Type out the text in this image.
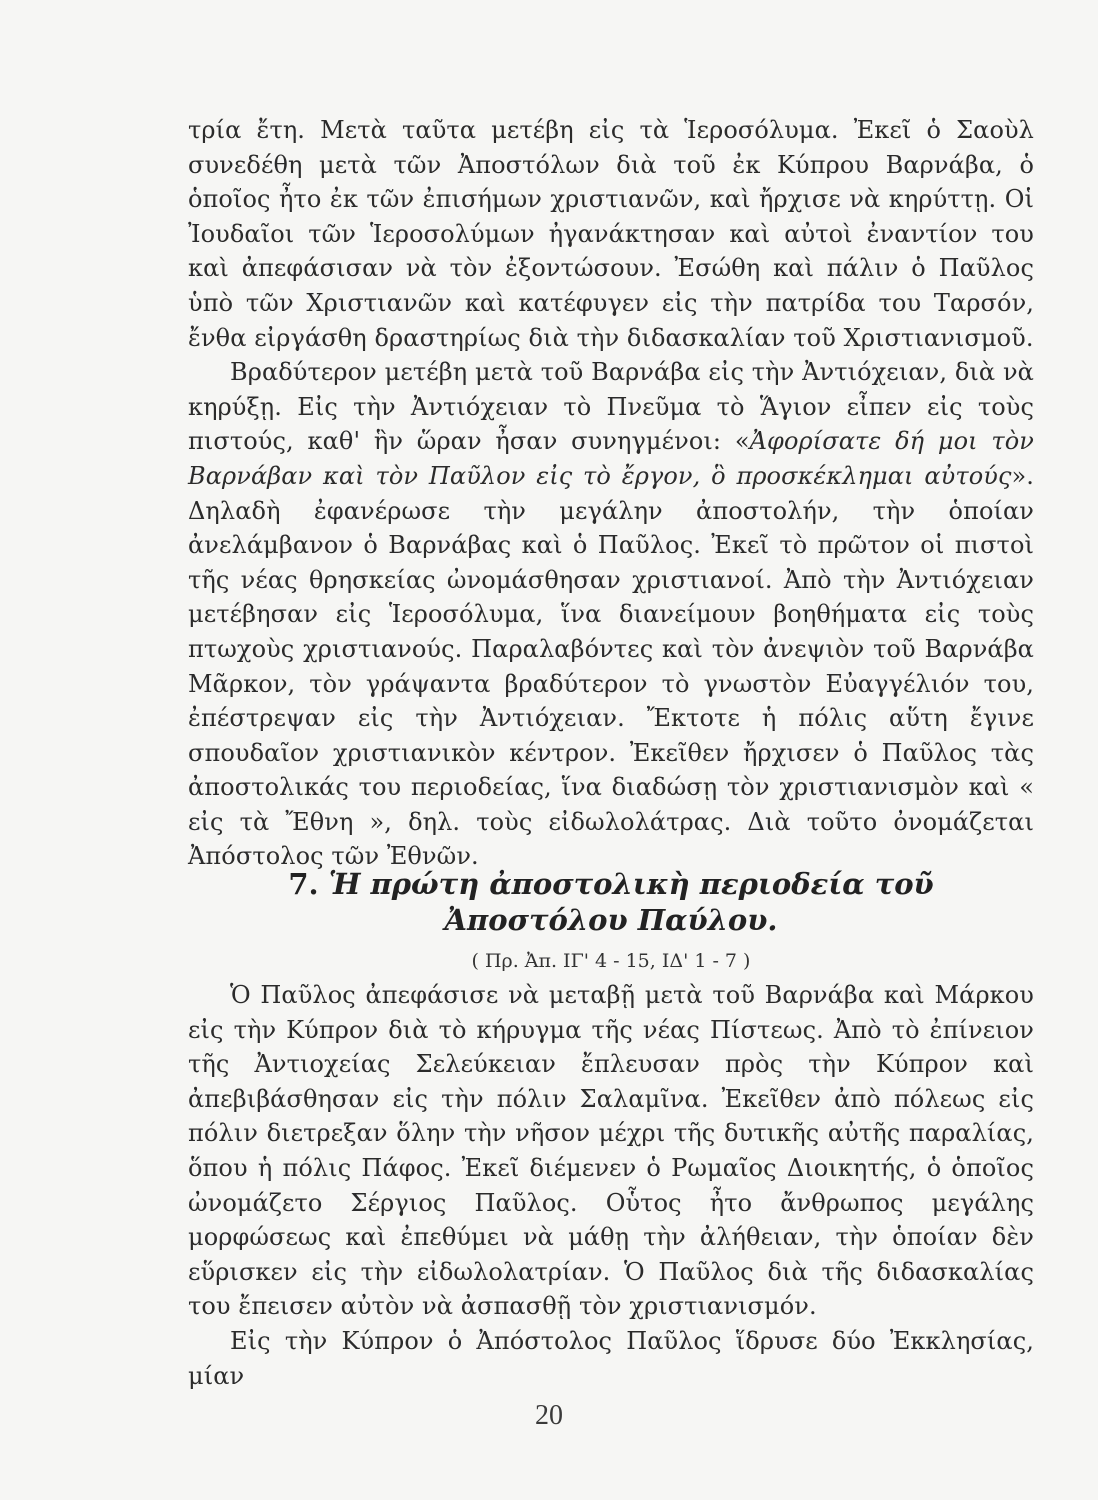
τρία ἔτη. Μετὰ ταῦτα μετέβη εἰς τὰ Ἱεροσόλυμα. Ἐκεῖ ὁ Σαοὺλ συνεδέθη μετὰ τῶν Ἀποστόλων διὰ τοῦ ἐκ Κύπρου Βαρνάβα, ὁ ὁποῖος ἦτο ἐκ τῶν ἐπισήμων χριστιανῶν, καὶ ἤρχισε νὰ κηρύττῃ. Οἱ Ἰουδαῖοι τῶν Ἱεροσολύμων ἠγανάκτησαν καὶ αὐτοὶ ἐναντίον του καὶ ἀπεφάσισαν νὰ τὸν ἐξοντώσουν. Ἐσώθη καὶ πάλιν ὁ Παῦλος ὑπὸ τῶν Χριστιανῶν καὶ κατέφυγεν εἰς τὴν πατρίδα του Ταρσόν, ἔνθα εἰργάσθη δραστηρίως διὰ τὴν διδασκαλίαν τοῦ Χριστιανισμοῦ.

Βραδύτερον μετέβη μετὰ τοῦ Βαρνάβα εἰς τὴν Ἀντιόχειαν, διὰ νὰ κηρύξῃ. Εἰς τὴν Ἀντιόχειαν τὸ Πνεῦμα τὸ Ἅγιον εἶπεν εἰς τοὺς πιστούς, καθ' ἣν ὥραν ἦσαν συνηγμένοι: «Ἀφορίσατε δή μοι τὸν Βαρνάβαν καὶ τὸν Παῦλον εἰς τὸ ἔργον, ὃ προσκέκλημαι αὐτούς». Δηλαδὴ ἐφανέρωσε τὴν μεγάλην ἀποστολήν, τὴν ὁποίαν ἀνελάμβανον ὁ Βαρνάβας καὶ ὁ Παῦλος. Ἐκεῖ τὸ πρῶτον οἱ πιστοὶ τῆς νέας θρησκείας ὠνομάσθησαν χριστιανοί. Ἀπὸ τὴν Ἀντιόχειαν μετέβησαν εἰς Ἱεροσόλυμα, ἵνα διανείμουν βοηθήματα εἰς τοὺς πτωχοὺς χριστιανούς. Παραλαβόντες καὶ τὸν ἀνεψιὸν τοῦ Βαρνάβα Μᾶρκον, τὸν γράψαντα βραδύτερον τὸ γνωστὸν Εὐαγγέλιόν του, ἐπέστρεψαν εἰς τὴν Ἀντιόχειαν. Ἔκτοτε ἡ πόλις αὕτη ἔγινε σπουδαῖον χριστιανικὸν κέντρον. Ἐκεῖθεν ἤρχισεν ὁ Παῦλος τὰς ἀποστολικάς του περιοδείας, ἵνα διαδώσῃ τὸν χριστιανισμὸν καὶ « εἰς τὰ Ἔθνη », δηλ. τοὺς εἰδωλολάτρας. Διὰ τοῦτο ὀνομάζεται Ἀπόστολος τῶν Ἐθνῶν.

7. Ἡ πρώτη ἀποστολικὴ περιοδεία τοῦ
Ἀποστόλου Παύλου.
( Πρ. Ἀπ. ΙΓ' 4 - 15, ΙΔ' 1 - 7 )

Ὁ Παῦλος ἀπεφάσισε νὰ μεταβῇ μετὰ τοῦ Βαρνάβα καὶ Μάρκου εἰς τὴν Κύπρον διὰ τὸ κήρυγμα τῆς νέας Πίστεως. Ἀπὸ τὸ ἐπίνειον τῆς Ἀντιοχείας Σελεύκειαν ἔπλευσαν πρὸς τὴν Κύπρον καὶ ἀπεβιβάσθησαν εἰς τὴν πόλιν Σαλαμῖνα. Ἐκεῖθεν ἀπὸ πόλεως εἰς πόλιν διετρεξαν ὅλην τὴν νῆσον μέχρι τῆς δυτικῆς αὐτῆς παραλίας, ὅπου ἡ πόλις Πάφος. Ἐκεῖ διέμενεν ὁ Ρωμαῖος Διοικητής, ὁ ὁποῖος ὠνομάζετο Σέργιος Παῦλος. Οὗτος ἦτο ἄνθρωπος μεγάλης μορφώσεως καὶ ἐπεθύμει νὰ μάθῃ τὴν ἀλήθειαν, τὴν ὁποίαν δὲν εὕρισκεν εἰς τὴν εἰδωλολατρίαν. Ὁ Παῦλος διὰ τῆς διδασκαλίας του ἔπεισεν αὐτὸν νὰ ἀσπασθῇ τὸν χριστιανισμόν.

Εἰς τὴν Κύπρον ὁ Ἀπόστολος Παῦλος ἵδρυσε δύο Ἐκκλησίας, μίαν

20
